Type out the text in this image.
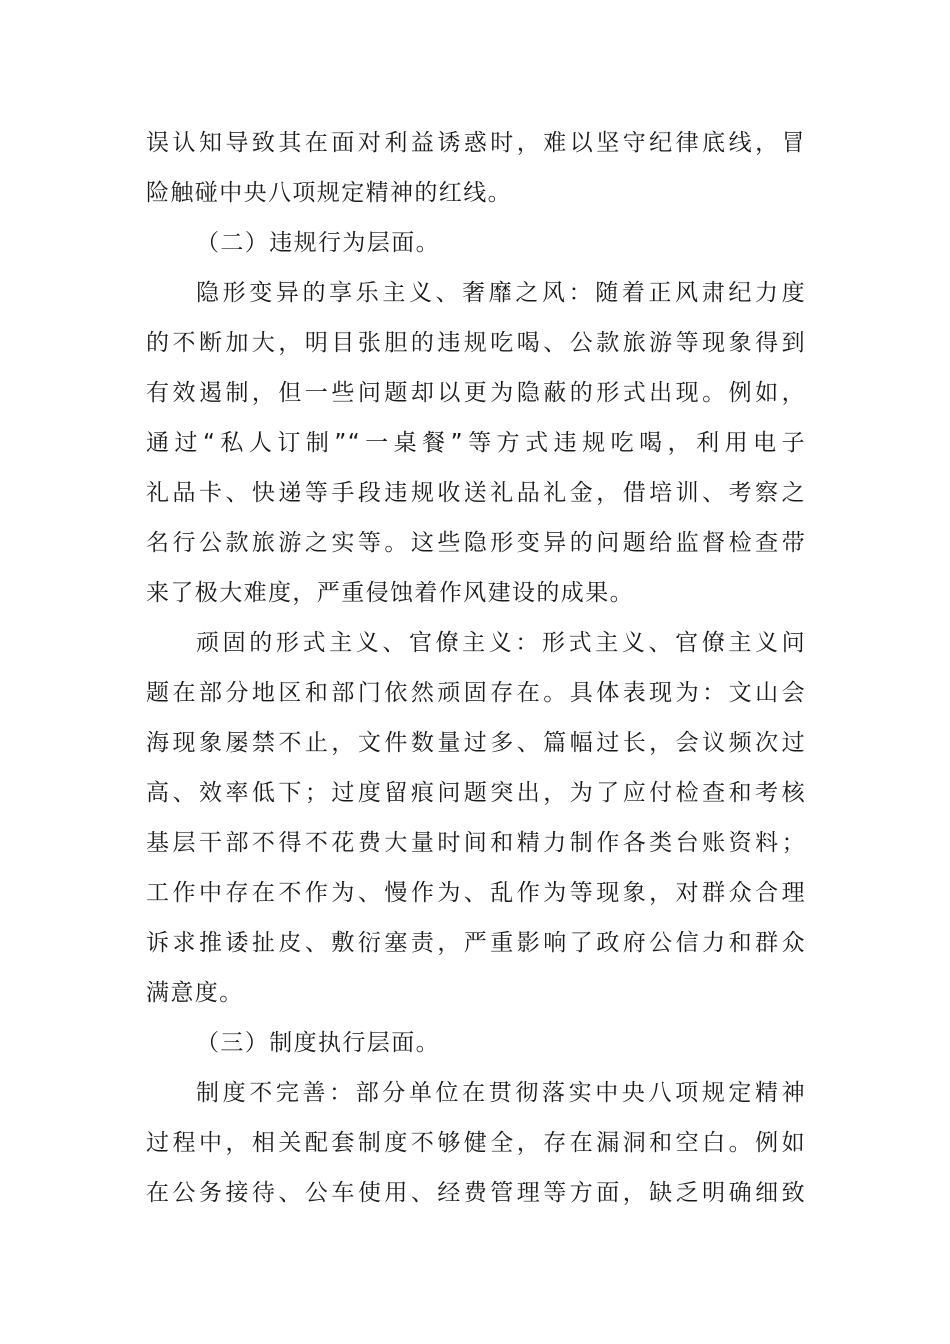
误认知导致其在面对利益诱惑时，难以坚守纪律底线，冒
险触碰中央八项规定精神的红线。
（二）违规行为层面。
隐形变异的享乐主义、奢靡之风：随着正风肃纪力度
的不断加大，明目张胆的违规吃喝、公款旅游等现象得到
有效遏制，但一些问题却以更为隐蔽的形式出现。例如，
通过“私人订制”“一桌餐”等方式违规吃喝，利用电子
礼品卡、快递等手段违规收送礼品礼金，借培训、考察之
名行公款旅游之实等。这些隐形变异的问题给监督检查带
来了极大难度，严重侵蚀着作风建设的成果。
顽固的形式主义、官僚主义：形式主义、官僚主义问
题在部分地区和部门依然顽固存在。具体表现为：文山会
海现象屡禁不止，文件数量过多、篇幅过长，会议频次过
高、效率低下；过度留痕问题突出，为了应付检查和考核
基层干部不得不花费大量时间和精力制作各类台账资料；
工作中存在不作为、慢作为、乱作为等现象，对群众合理
诉求推诿扯皮、敷衍塞责，严重影响了政府公信力和群众
满意度。
（三）制度执行层面。
制度不完善：部分单位在贯彻落实中央八项规定精神
过程中，相关配套制度不够健全，存在漏洞和空白。例如
在公务接待、公车使用、经费管理等方面，缺乏明确细致
